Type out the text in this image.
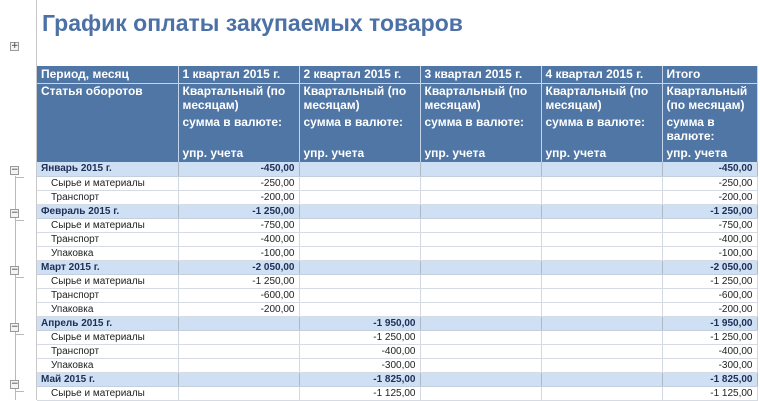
+
−
−
−
−
−
График оплаты закупаемых товаров
Период, месяц	1 квартал 2015 г.	2 квартал 2015 г.	3 квартал 2015 г.	4 квартал 2015 г.	Итого
Статья оборотов	Квартальный (по месяцам)	Квартальный (по месяцам)	Квартальный (по месяцам)	Квартальный (по месяцам)	Квартальный (по месяцам)
	сумма в валюте:	сумма в валюте:	сумма в валюте:	сумма в валюте:	сумма в валюте:
	упр. учета	упр. учета	упр. учета	упр. учета	упр. учета
Январь 2015 г.	-450,00				-450,00
Сырье и материалы	-250,00				-250,00
Транспорт	-200,00				-200,00
Февраль 2015 г.	-1 250,00				-1 250,00
Сырье и материалы	-750,00				-750,00
Транспорт	-400,00				-400,00
Упаковка	-100,00				-100,00
Март 2015 г.	-2 050,00				-2 050,00
Сырье и материалы	-1 250,00				-1 250,00
Транспорт	-600,00				-600,00
Упаковка	-200,00				-200,00
Апрель 2015 г.		-1 950,00			-1 950,00
Сырье и материалы		-1 250,00			-1 250,00
Транспорт		-400,00			-400,00
Упаковка		-300,00			-300,00
Май 2015 г.		-1 825,00			-1 825,00
Сырье и материалы		-1 125,00			-1 125,00
